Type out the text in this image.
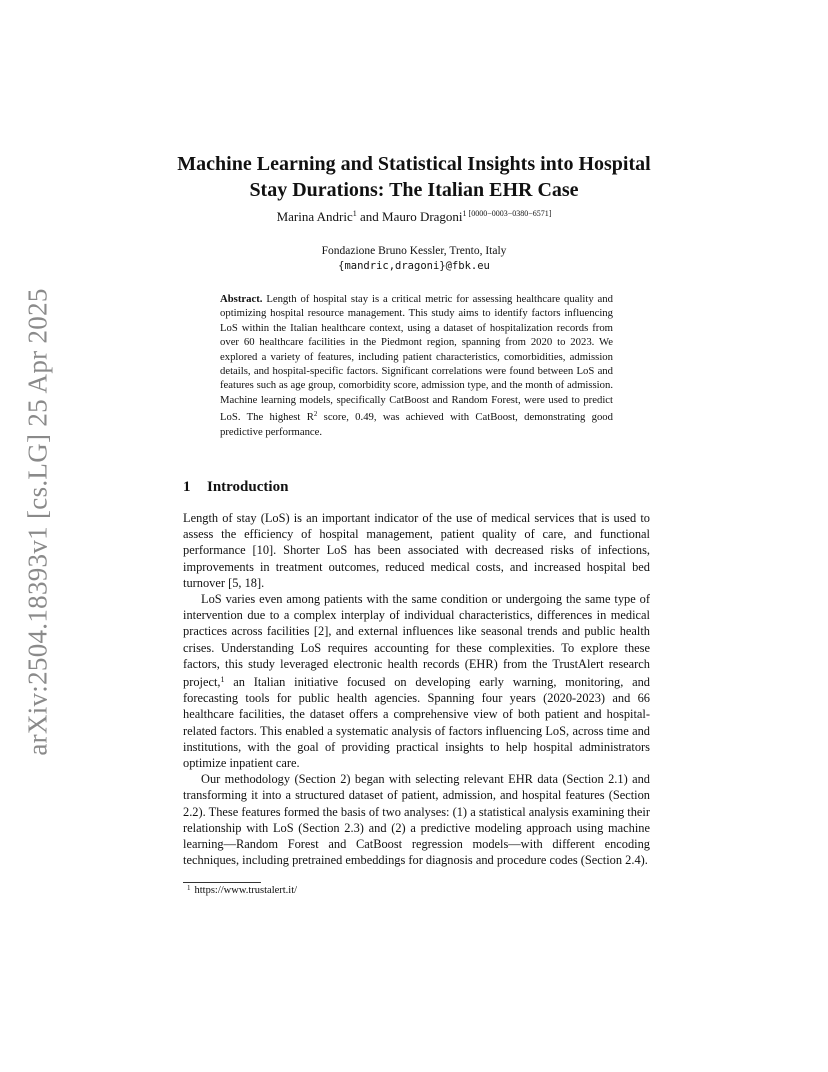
arXiv:2504.18393v1 [cs.LG] 25 Apr 2025
Machine Learning and Statistical Insights into Hospital
Stay Durations: The Italian EHR Case
Marina Andric$^1$ and Mauro Dragoni$^{1 [0000-0003-0380-6571]}$
Fondazione Bruno Kessler, Trento, Italy
{mandric,dragoni}@fbk.eu

Abstract. Length of hospital stay is a critical metric for assessing healthcare quality and optimizing hospital resource management. This study aims to identify factors influencing LoS within the Italian healthcare context, using a dataset of hospitalization records from over 60 healthcare facilities in the Piedmont region, spanning from 2020 to 2023. We explored a variety of features, including patient characteristics, comorbidities, admission details, and hospital-specific factors. Significant correlations were found between LoS and features such as age group, comorbidity score, admission type, and the month of admission. Machine learning models, specifically CatBoost and Random Forest, were used to predict LoS. The highest $R^2$ score, 0.49, was achieved with CatBoost, demonstrating good predictive performance.

1 Introduction

Length of stay (LoS) is an important indicator of the use of medical services that is used to assess the efficiency of hospital management, patient quality of care, and functional performance [10]. Shorter LoS has been associated with decreased risks of infections, improvements in treatment outcomes, reduced medical costs, and increased hospital bed turnover [5, 18].

LoS varies even among patients with the same condition or undergoing the same type of intervention due to a complex interplay of individual characteristics, differences in medical practices across facilities [2], and external influences like seasonal trends and public health crises. Understanding LoS requires accounting for these complexities. To explore these factors, this study leveraged electronic health records (EHR) from the TrustAlert research project,$^1$ an Italian initiative focused on developing early warning, monitoring, and forecasting tools for public health agencies. Spanning four years (2020-2023) and 66 healthcare facilities, the dataset offers a comprehensive view of both patient and hospital-related factors. This enabled a systematic analysis of factors influencing LoS, across time and institutions, with the goal of providing practical insights to help hospital administrators optimize inpatient care.

Our methodology (Section 2) began with selecting relevant EHR data (Section 2.1) and transforming it into a structured dataset of patient, admission, and hospital features (Section 2.2). These features formed the basis of two analyses: (1) a statistical analysis examining their relationship with LoS (Section 2.3) and (2) a predictive modeling approach using machine learning—Random Forest and CatBoost regression models—with different encoding techniques, including pretrained embeddings for diagnosis and procedure codes (Section 2.4).

$^1$ https://www.trustalert.it/
